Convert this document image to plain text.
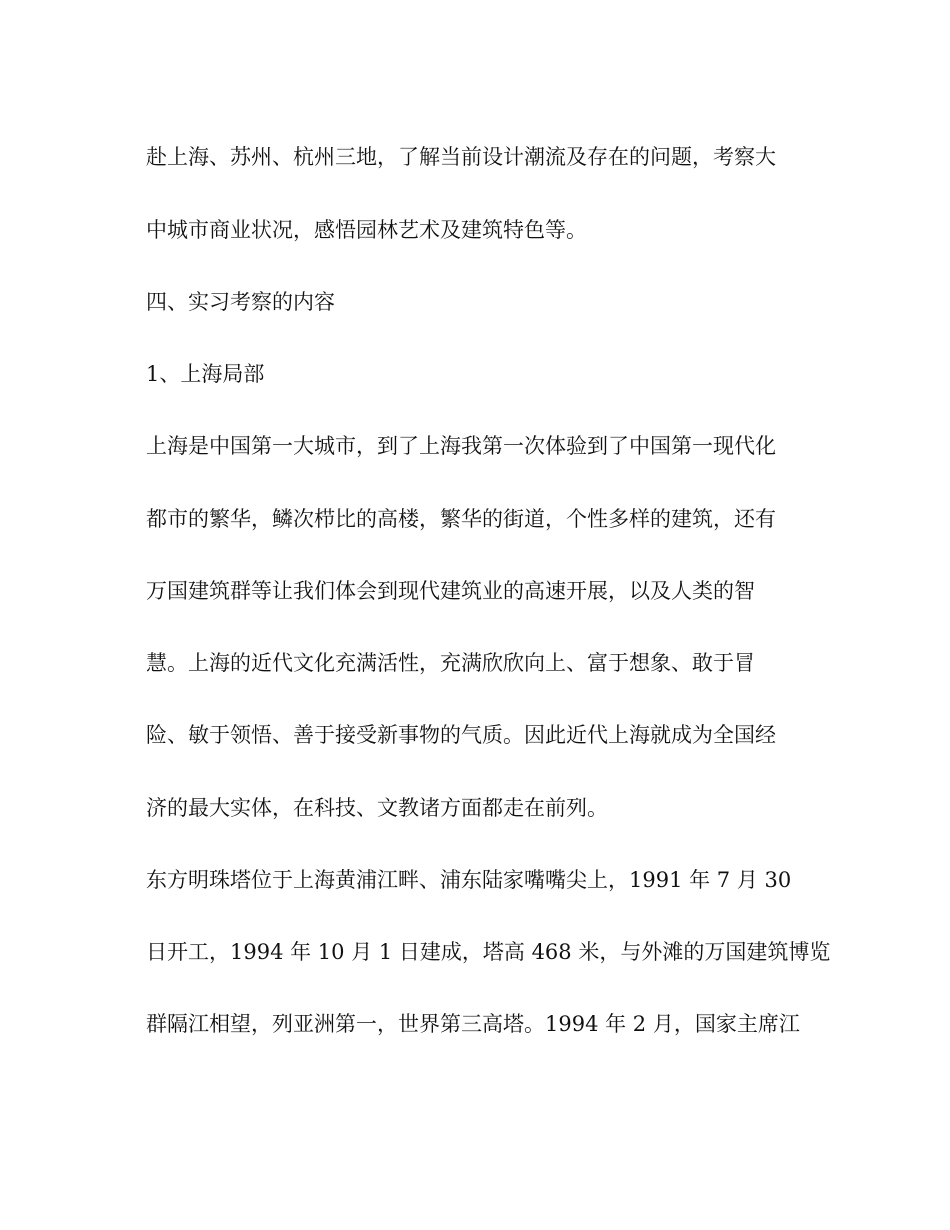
赴上海、苏州、杭州三地，了解当前设计潮流及存在的问题，考察大
中城市商业状况，感悟园林艺术及建筑特色等。
四、实习考察的内容
1、上海局部
上海是中国第一大城市，到了上海我第一次体验到了中国第一现代化
都市的繁华，鳞次栉比的高楼，繁华的街道，个性多样的建筑，还有
万国建筑群等让我们体会到现代建筑业的高速开展，以及人类的智
慧。上海的近代文化充满活性，充满欣欣向上、富于想象、敢于冒
险、敏于领悟、善于接受新事物的气质。因此近代上海就成为全国经
济的最大实体，在科技、文教诸方面都走在前列。
东方明珠塔位于上海黄浦江畔、浦东陆家嘴嘴尖上，1991 年 7 月 30
日开工，1994 年 10 月 1 日建成，塔高 468 米，与外滩的万国建筑博览
群隔江相望，列亚洲第一，世界第三高塔。1994 年 2 月，国家主席江
